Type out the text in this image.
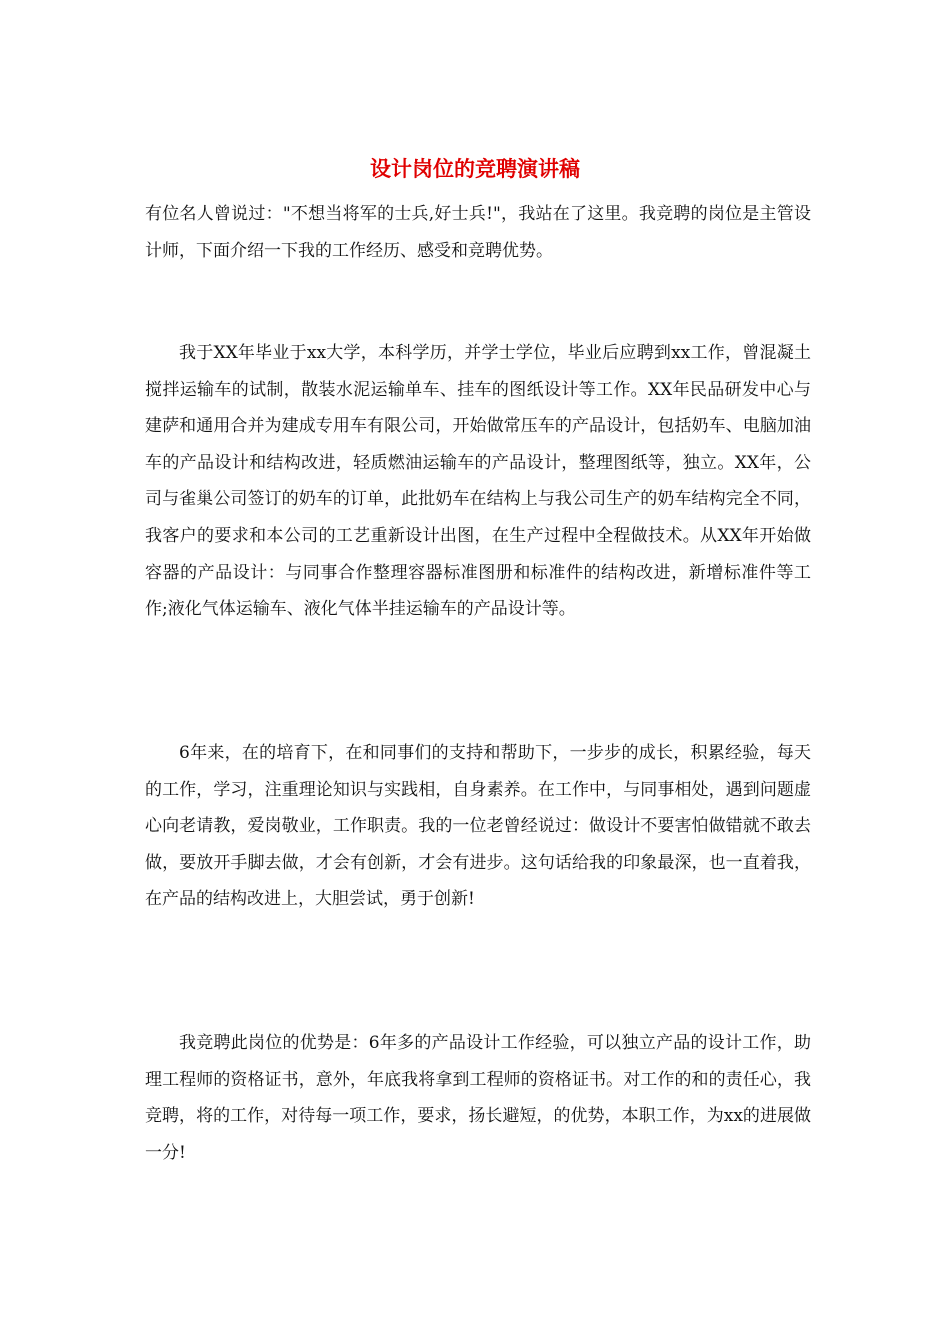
设计岗位的竞聘演讲稿

有位名人曾说过："不想当将军的士兵,好士兵!"，我站在了这里。我竞聘的岗位是主管设计师，下面介绍一下我的工作经历、感受和竞聘优势。

我于XX年毕业于xx大学，本科学历，并学士学位，毕业后应聘到xx工作，曾混凝土搅拌运输车的试制，散装水泥运输单车、挂车的图纸设计等工作。XX年民品研发中心与建萨和通用合并为建成专用车有限公司，开始做常压车的产品设计，包括奶车、电脑加油车的产品设计和结构改进，轻质燃油运输车的产品设计，整理图纸等，独立。XX年，公司与雀巢公司签订的奶车的订单，此批奶车在结构上与我公司生产的奶车结构完全不同，我客户的要求和本公司的工艺重新设计出图，在生产过程中全程做技术。从XX年开始做容器的产品设计：与同事合作整理容器标准图册和标准件的结构改进，新增标准件等工作;液化气体运输车、液化气体半挂运输车的产品设计等。

6年来，在的培育下，在和同事们的支持和帮助下，一步步的成长，积累经验，每天的工作，学习，注重理论知识与实践相，自身素养。在工作中，与同事相处，遇到问题虚心向老请教，爱岗敬业，工作职责。我的一位老曾经说过：做设计不要害怕做错就不敢去做，要放开手脚去做，才会有创新，才会有进步。这句话给我的印象最深，也一直着我，在产品的结构改进上，大胆尝试，勇于创新!

我竞聘此岗位的优势是：6年多的产品设计工作经验，可以独立产品的设计工作，助理工程师的资格证书，意外，年底我将拿到工程师的资格证书。对工作的和的责任心，我竞聘，将的工作，对待每一项工作，要求，扬长避短，的优势，本职工作，为xx的进展做一分!
